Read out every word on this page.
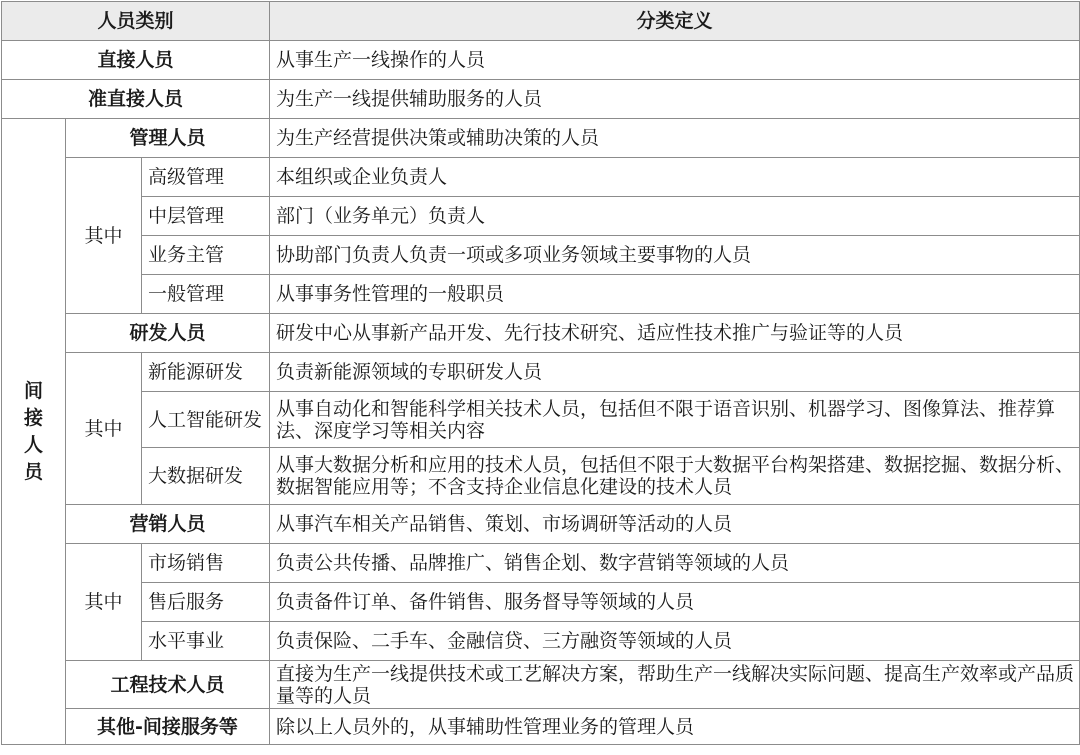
人员类别			分类定义
直接人员			从事生产一线操作的人员
准直接人员			为生产一线提供辅助服务的人员
间接人员	管理人员		为生产经营提供决策或辅助决策的人员
	其中	高级管理	本组织或企业负责人
		中层管理	部门（业务单元）负责人
		业务主管	协助部门负责人负责一项或多项业务领域主要事物的人员
		一般管理	从事事务性管理的一般职员
	研发人员		研发中心从事新产品开发、先行技术研究、适应性技术推广与验证等的人员
	其中	新能源研发	负责新能源领域的专职研发人员
		人工智能研发	从事自动化和智能科学相关技术人员，包括但不限于语音识别、机器学习、图像算法、推荐算法、深度学习等相关内容
		大数据研发	从事大数据分析和应用的技术人员，包括但不限于大数据平台构架搭建、数据挖掘、数据分析、数据智能应用等；不含支持企业信息化建设的技术人员
	营销人员		从事汽车相关产品销售、策划、市场调研等活动的人员
	其中	市场销售	负责公共传播、品牌推广、销售企划、数字营销等领域的人员
		售后服务	负责备件订单、备件销售、服务督导等领域的人员
		水平事业	负责保险、二手车、金融信贷、三方融资等领域的人员
	工程技术人员		直接为生产一线提供技术或工艺解决方案，帮助生产一线解决实际问题、提高生产效率或产品质量等的人员
	其他-间接服务等		除以上人员外的，从事辅助性管理业务的管理人员
